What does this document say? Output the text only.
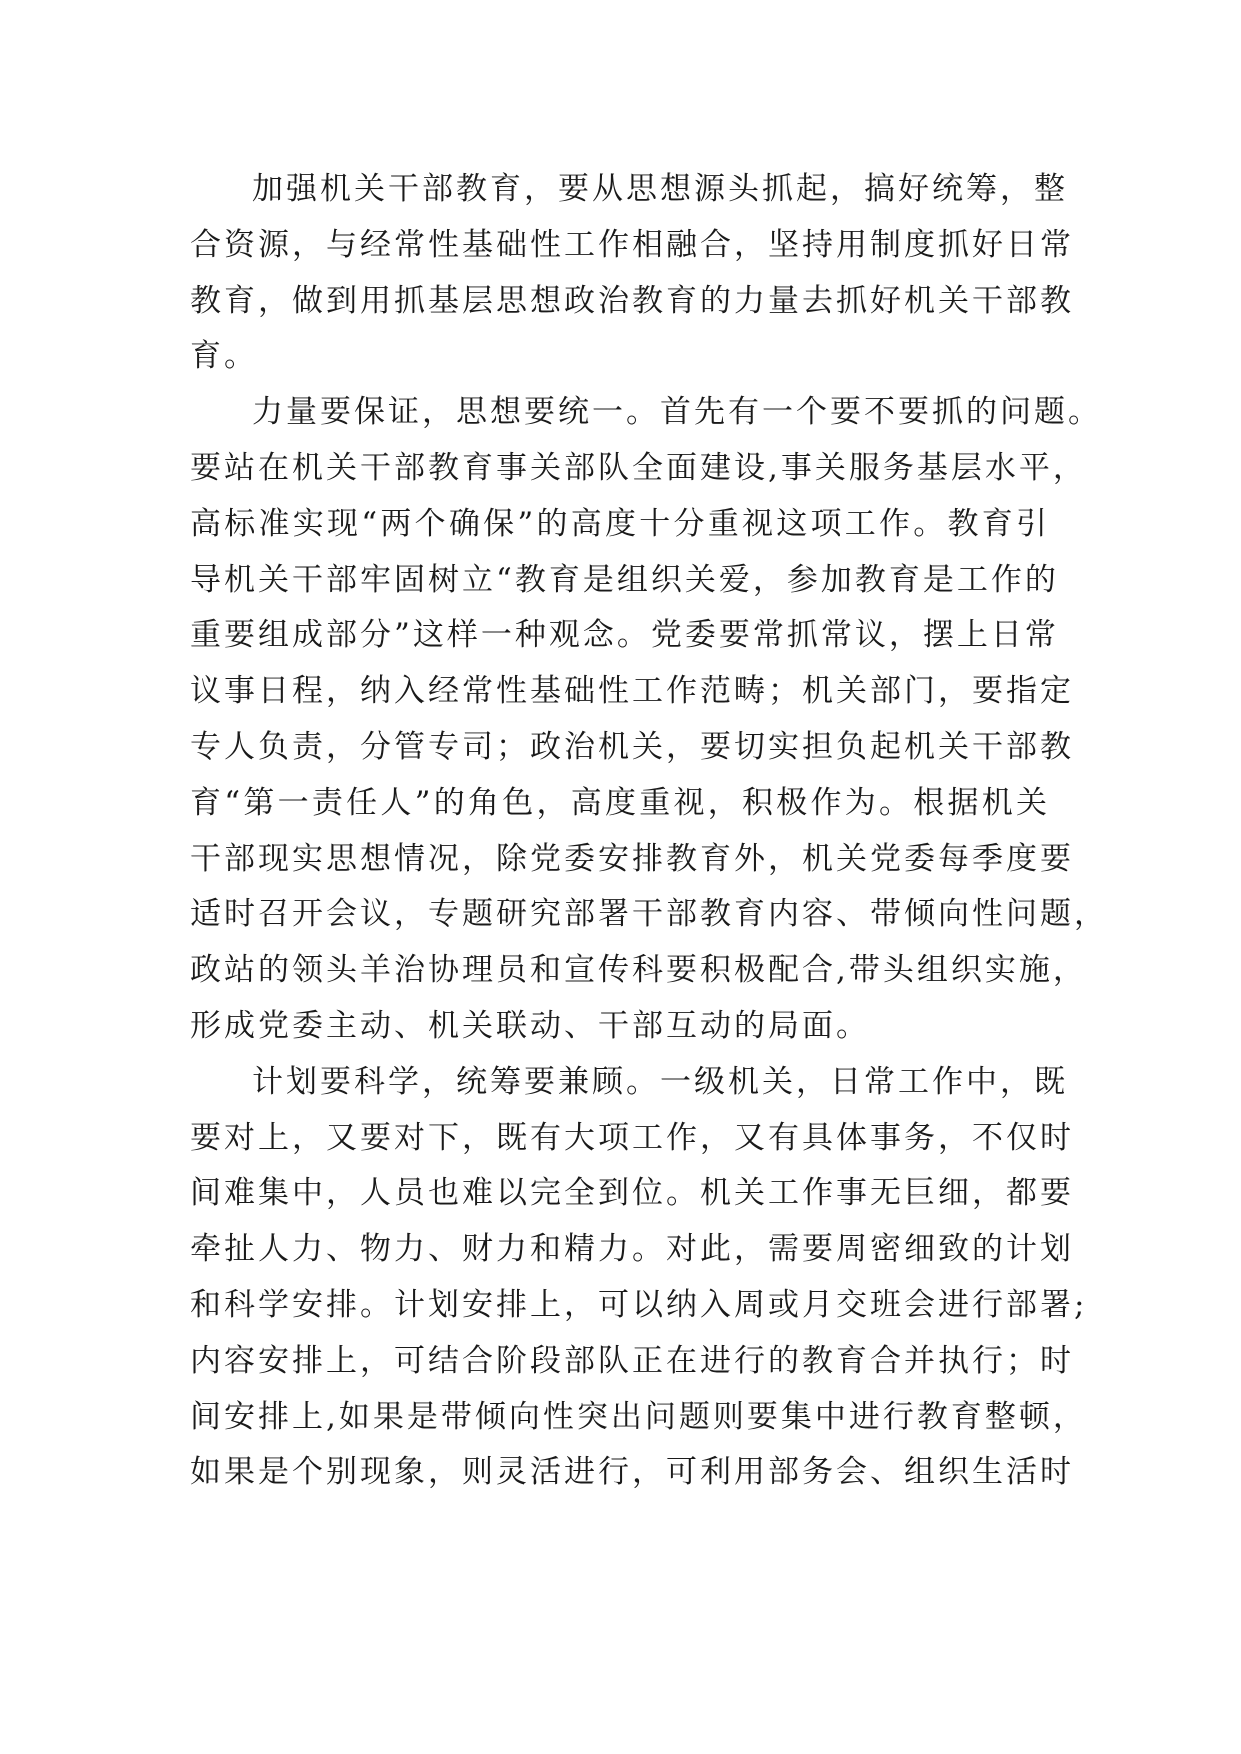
加强机关干部教育，要从思想源头抓起，搞好统筹，整
合资源，与经常性基础性工作相融合，坚持用制度抓好日常
教育，做到用抓基层思想政治教育的力量去抓好机关干部教
育。
力量要保证，思想要统一。首先有一个要不要抓的问题。
要站在机关干部教育事关部队全面建设,事关服务基层水平，
高标准实现“两个确保”的高度十分重视这项工作。教育引
导机关干部牢固树立“教育是组织关爱，参加教育是工作的
重要组成部分”这样一种观念。党委要常抓常议，摆上日常
议事日程，纳入经常性基础性工作范畴；机关部门，要指定
专人负责，分管专司；政治机关，要切实担负起机关干部教
育“第一责任人”的角色，高度重视，积极作为。根据机关
干部现实思想情况，除党委安排教育外，机关党委每季度要
适时召开会议，专题研究部署干部教育内容、带倾向性问题，
政站的领头羊治协理员和宣传科要积极配合,带头组织实施，
形成党委主动、机关联动、干部互动的局面。
计划要科学，统筹要兼顾。一级机关，日常工作中，既
要对上，又要对下，既有大项工作，又有具体事务，不仅时
间难集中，人员也难以完全到位。机关工作事无巨细，都要
牵扯人力、物力、财力和精力。对此，需要周密细致的计划
和科学安排。计划安排上，可以纳入周或月交班会进行部署;
内容安排上，可结合阶段部队正在进行的教育合并执行；时
间安排上,如果是带倾向性突出问题则要集中进行教育整顿，
如果是个别现象，则灵活进行，可利用部务会、组织生活时
